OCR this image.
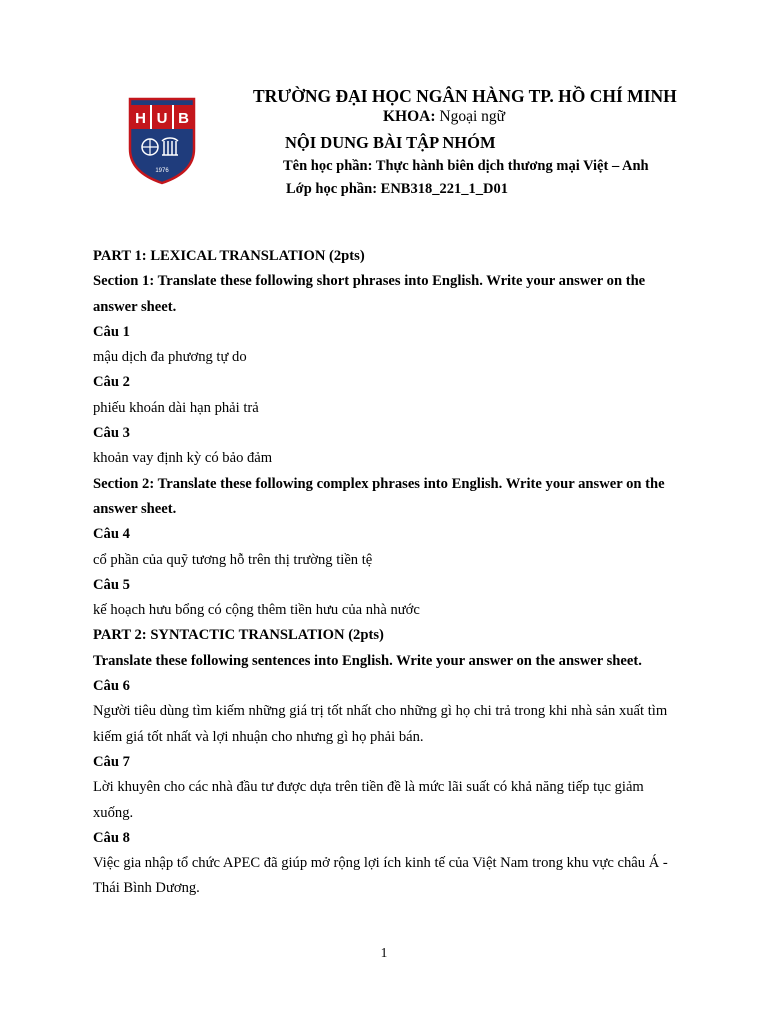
H U B
1976
TRƯỜNG ĐẠI HỌC NGÂN HÀNG TP. HỒ CHÍ MINH
KHOA: Ngoại ngữ
NỘI DUNG BÀI TẬP NHÓM
Tên học phần: Thực hành biên dịch thương mại Việt – Anh
Lớp học phần: ENB318_221_1_D01

PART 1: LEXICAL TRANSLATION (2pts)

Section 1: Translate these following short phrases into English. Write your answer on the answer sheet.

Câu 1

mậu dịch đa phương tự do

Câu 2

phiếu khoán dài hạn phải trả

Câu 3

khoản vay định kỳ có bảo đảm

Section 2: Translate these following complex phrases into English. Write your answer on the answer sheet.

Câu 4

cổ phần của quỹ tương hỗ trên thị trường tiền tệ

Câu 5

kế hoạch hưu bổng có cộng thêm tiền hưu của nhà nước

PART 2: SYNTACTIC TRANSLATION (2pts)

Translate these following sentences into English. Write your answer on the answer sheet.

Câu 6

Người tiêu dùng tìm kiếm những giá trị tốt nhất cho những gì họ chi trả trong khi nhà sản xuất tìm kiếm giá tốt nhất và lợi nhuận cho nhưng gì họ phải bán.

Câu 7

Lời khuyên cho các nhà đầu tư được dựa trên tiền đề là mức lãi suất có khả năng tiếp tục giảm xuống.

Câu 8

Việc gia nhập tổ chức APEC đã giúp mở rộng lợi ích kinh tế của Việt Nam trong khu vực châu Á - Thái Bình Dương.

1
